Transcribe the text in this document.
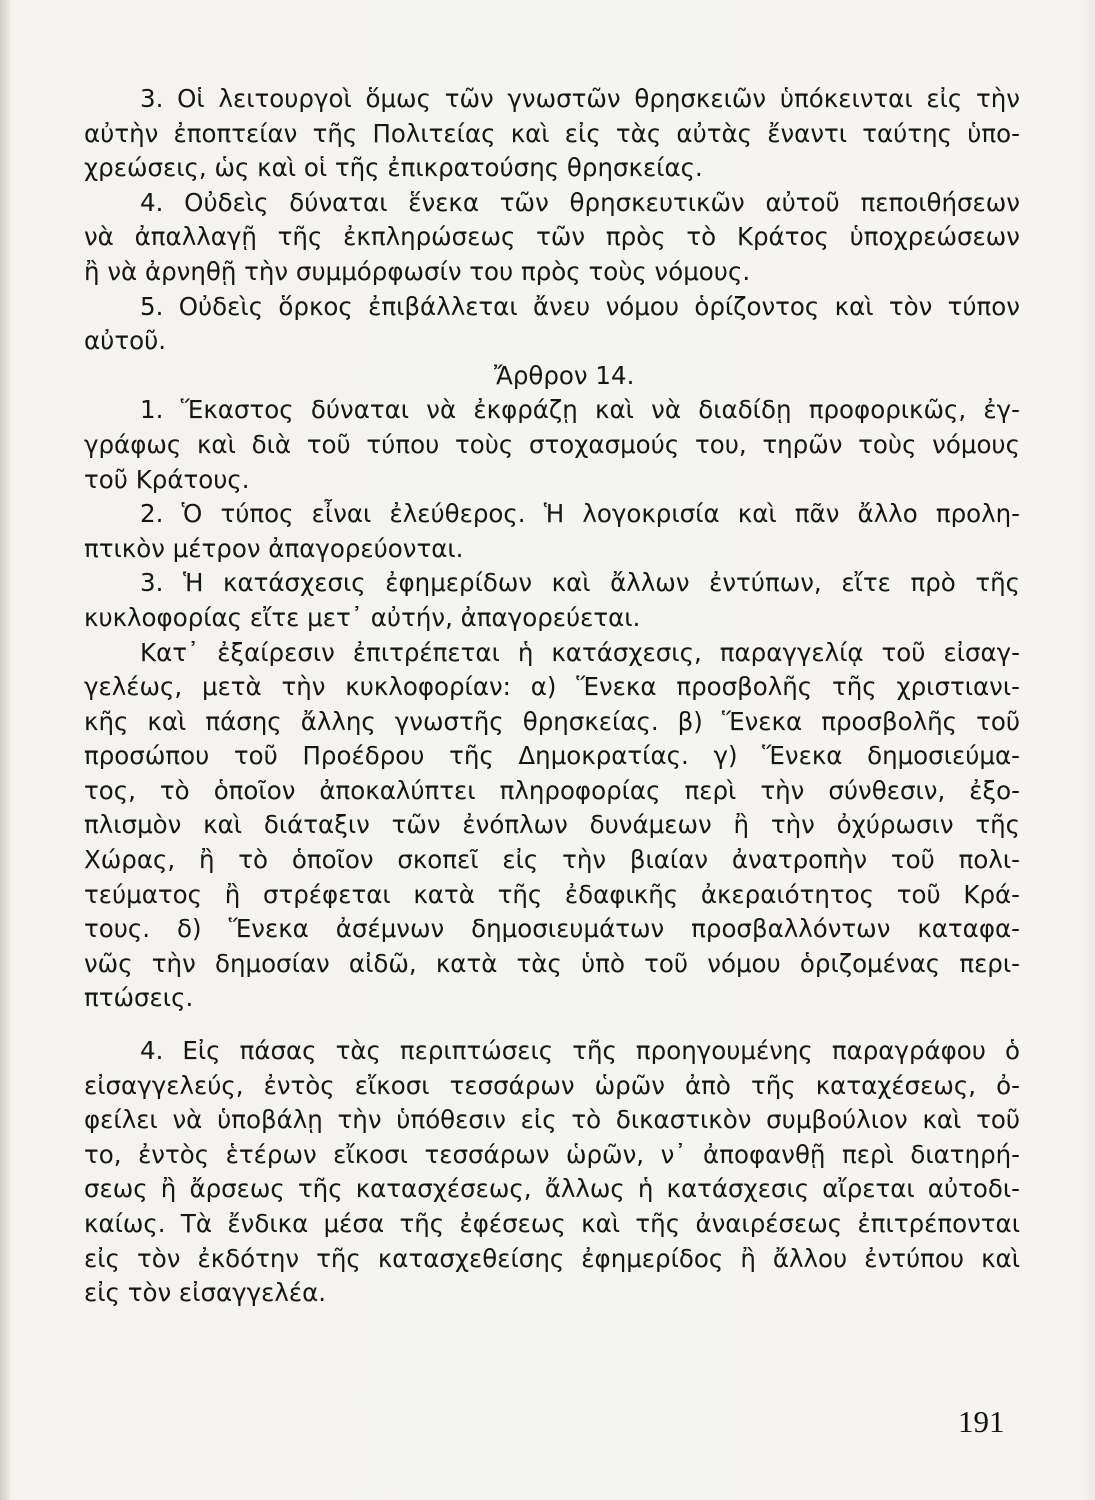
3. Οἱ λειτουργοὶ ὅμως τῶν γνωστῶν θρησκειῶν ὑπόκεινται εἰς τὴν
αὐτὴν ἐποπτείαν τῆς Πολιτείας καὶ εἰς τὰς αὐτὰς ἔναντι ταύτης ὑπο-
χρεώσεις, ὡς καὶ οἱ τῆς ἐπικρατούσης θρησκείας.
4. Οὐδεὶς δύναται ἕνεκα τῶν θρησκευτικῶν αὐτοῦ πεποιθήσεων
νὰ ἀπαλλαγῇ τῆς ἐκπληρώσεως τῶν πρὸς τὸ Κράτος ὑποχρεώσεων
ἢ νὰ ἀρνηθῇ τὴν συμμόρφωσίν του πρὸς τοὺς νόμους.
5. Οὐδεὶς ὅρκος ἐπιβάλλεται ἄνευ νόμου ὁρίζοντος καὶ τὸν τύπον
αὐτοῦ.
Ἄρθρον 14.
1. Ἕκαστος δύναται νὰ ἐκφράζῃ καὶ νὰ διαδίδῃ προφορικῶς, ἐγ-
γράφως καὶ διὰ τοῦ τύπου τοὺς στοχασμούς του, τηρῶν τοὺς νόμους
τοῦ Κράτους.
2. Ὁ τύπος εἶναι ἐλεύθερος. Ἡ λογοκρισία καὶ πᾶν ἄλλο προλη-
πτικὸν μέτρον ἀπαγορεύονται.
3. Ἡ κατάσχεσις ἐφημερίδων καὶ ἄλλων ἐντύπων, εἴτε πρὸ τῆς
κυκλοφορίας εἴτε μετ᾽ αὐτήν, ἀπαγορεύεται.
Κατ᾽ ἐξαίρεσιν ἐπιτρέπεται ἡ κατάσχεσις, παραγγελίᾳ τοῦ εἰσαγ-
γελέως, μετὰ τὴν κυκλοφορίαν: α) Ἕνεκα προσβολῆς τῆς χριστιανι-
κῆς καὶ πάσης ἄλλης γνωστῆς θρησκείας. β) Ἕνεκα προσβολῆς τοῦ
προσώπου τοῦ Προέδρου τῆς Δημοκρατίας. γ) Ἕνεκα δημοσιεύμα-
τος, τὸ ὁποῖον ἀποκαλύπτει πληροφορίας περὶ τὴν σύνθεσιν, ἐξο-
πλισμὸν καὶ διάταξιν τῶν ἐνόπλων δυνάμεων ἢ τὴν ὀχύρωσιν τῆς
Χώρας, ἢ τὸ ὁποῖον σκοπεῖ εἰς τὴν βιαίαν ἀνατροπὴν τοῦ πολι-
τεύματος ἢ στρέφεται κατὰ τῆς ἐδαφικῆς ἀκεραιότητος τοῦ Κρά-
τους. δ) Ἕνεκα ἀσέμνων δημοσιευμάτων προσβαλλόντων καταφα-
νῶς τὴν δημοσίαν αἰδῶ, κατὰ τὰς ὑπὸ τοῦ νόμου ὁριζομένας περι-
πτώσεις.
4. Εἰς πάσας τὰς περιπτώσεις τῆς προηγουμένης παραγράφου ὁ
εἰσαγγελεύς, ἐντὸς εἴκοσι τεσσάρων ὡρῶν ἀπὸ τῆς καταχέσεως, ὀ-
φείλει νὰ ὑποβάλῃ τὴν ὑπόθεσιν εἰς τὸ δικαστικὸν συμβούλιον καὶ τοῦ
το, ἐντὸς ἑτέρων εἴκοσι τεσσάρων ὡρῶν, ν᾽ ἀποφανθῇ περὶ διατηρή-
σεως ἢ ἄρσεως τῆς κατασχέσεως, ἄλλως ἡ κατάσχεσις αἴρεται αὐτοδι-
καίως. Τὰ ἔνδικα μέσα τῆς ἐφέσεως καὶ τῆς ἀναιρέσεως ἐπιτρέπονται
εἰς τὸν ἐκδότην τῆς κατασχεθείσης ἐφημερίδος ἢ ἄλλου ἐντύπου καὶ
εἰς τὸν εἰσαγγελέα.
191
